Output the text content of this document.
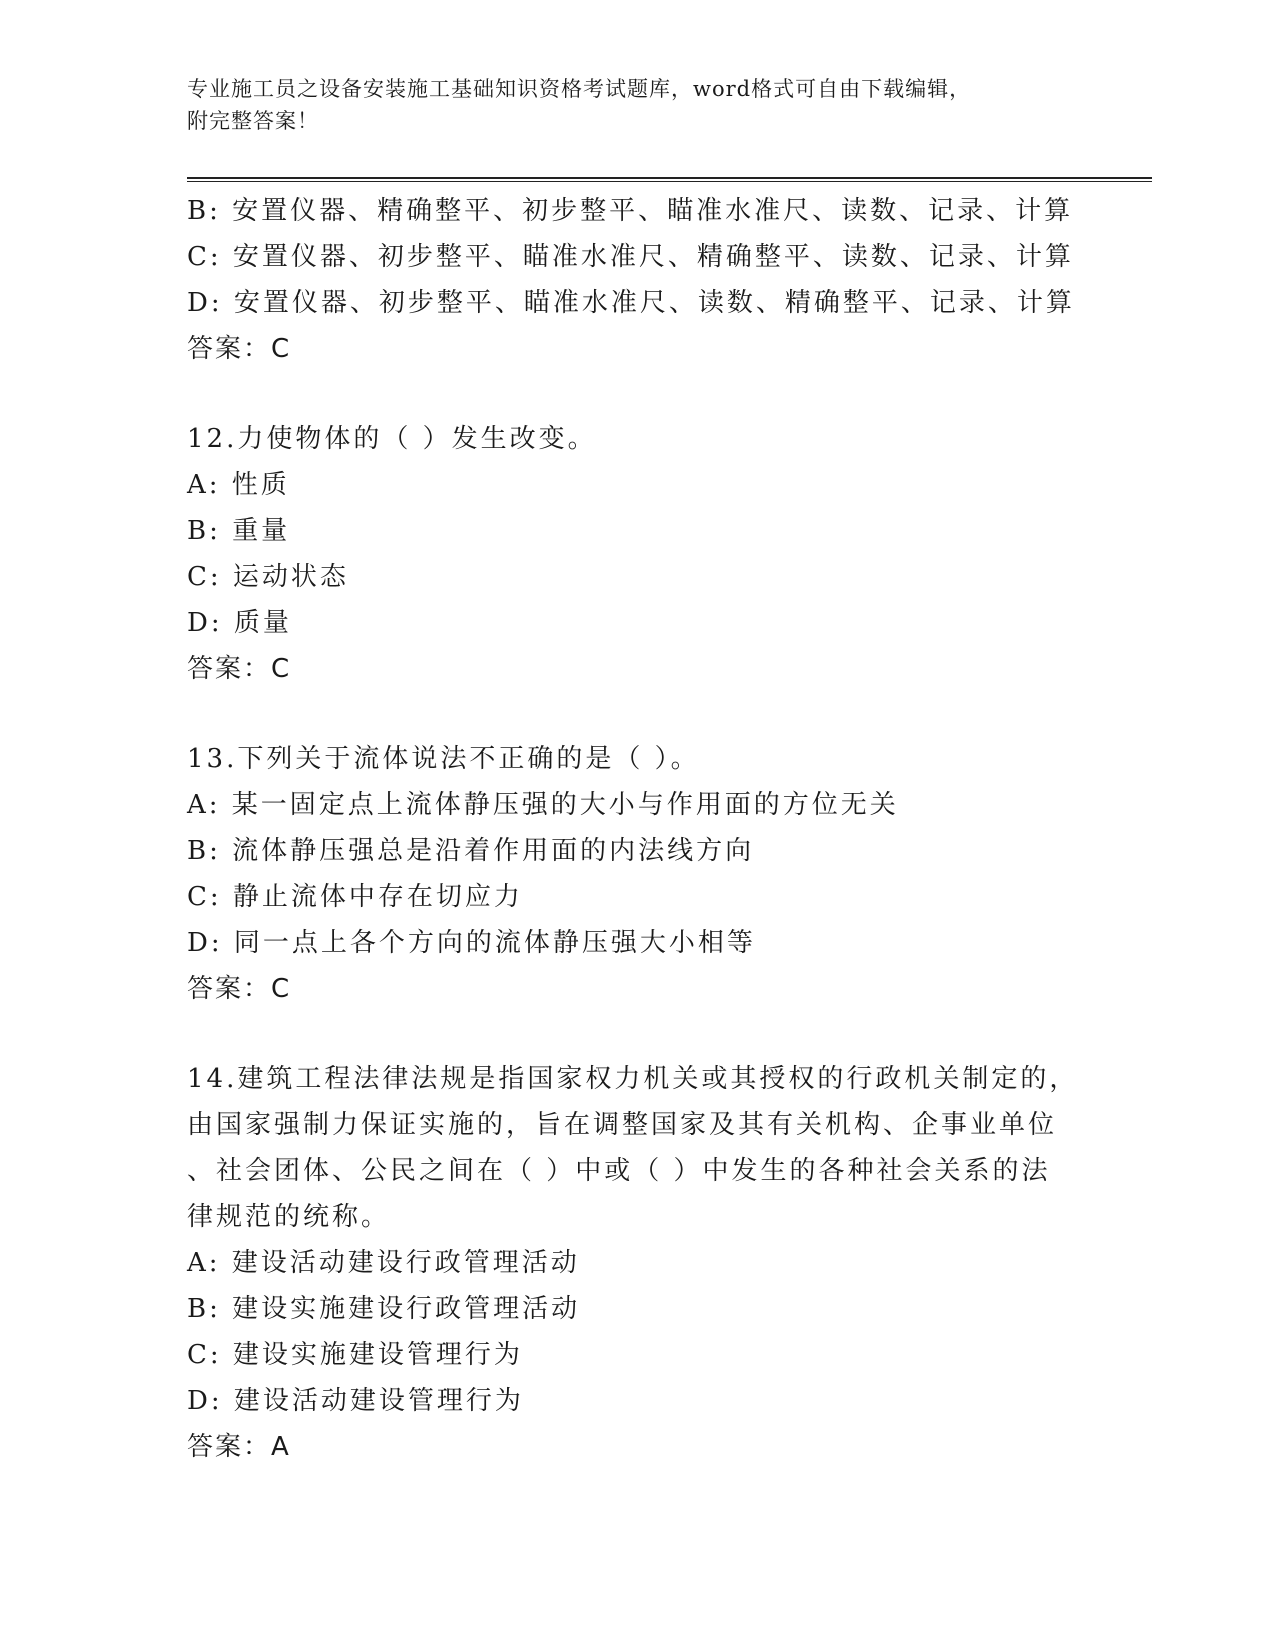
专业施工员之设备安装施工基础知识资格考试题库，word格式可自由下载编辑，
附完整答案！
B: 安置仪器、精确整平、初步整平、瞄准水准尺、读数、记录、计算
C: 安置仪器、初步整平、瞄准水准尺、精确整平、读数、记录、计算
D: 安置仪器、初步整平、瞄准水准尺、读数、精确整平、记录、计算
答案：C
12.力使物体的（ ）发生改变。
A: 性质
B: 重量
C: 运动状态
D: 质量
答案：C
13.下列关于流体说法不正确的是（ ）。
A: 某一固定点上流体静压强的大小与作用面的方位无关
B: 流体静压强总是沿着作用面的内法线方向
C: 静止流体中存在切应力
D: 同一点上各个方向的流体静压强大小相等
答案：C
14.建筑工程法律法规是指国家权力机关或其授权的行政机关制定的，
由国家强制力保证实施的，旨在调整国家及其有关机构、企事业单位
、社会团体、公民之间在（ ）中或（ ）中发生的各种社会关系的法
律规范的统称。
A: 建设活动建设行政管理活动
B: 建设实施建设行政管理活动
C: 建设实施建设管理行为
D: 建设活动建设管理行为
答案：A
